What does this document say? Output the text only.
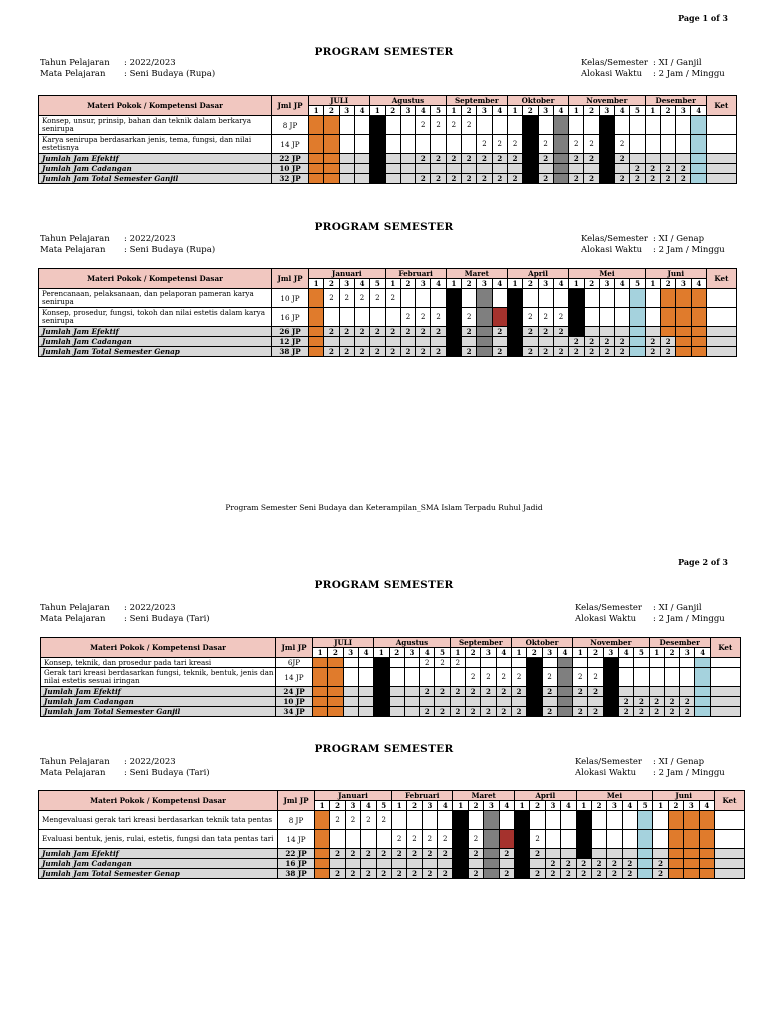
Page 1 of 3
PROGRAM SEMESTER
Tahun Pelajaran : 2022/2023
Mata Pelajaran : Seni Budaya (Rupa)
Kelas/Semester : XI / Ganjil
Alokasi Waktu : 2 Jam / Minggu
Materi Pokok / Kompetensi Dasar	Jml JP	JULI				Agustus					September				Oktober				November					Desember				Ket
		1	2	3	4	1	2	3	4	5	1	2	3	4	1	2	3	4	1	2	3	4	5	1	2	3	4	
Konsep, unsur, prinsip, bahan dan teknik dalam berkarya senirupa	8 JP								2	2	2	2																
Karya senirupa berdasarkan jenis, tema, fungsi, dan nilai estetisnya	14 JP												2	2	2		2		2	2		2						
Jumlah Jam Efektif	22 JP								2	2	2	2	2	2	2		2		2	2		2						
Jumlah Jam Cadangan	10 JP																						2	2	2	2		
Jumlah Jam Total Semester Ganjil	32 JP								2	2	2	2	2	2	2		2		2	2		2	2	2	2	2		
PROGRAM SEMESTER
Tahun Pelajaran : 2022/2023
Mata Pelajaran : Seni Budaya (Rupa)
Kelas/Semester : XI / Genap
Alokasi Waktu : 2 Jam / Minggu
Materi Pokok / Kompetensi Dasar	Jml JP	Januari					Februari				Maret				April				Mei					Juni				Ket
		1	2	3	4	5	1	2	3	4	1	2	3	4	1	2	3	4	1	2	3	4	5	1	2	3	4	
Perencanaan, pelaksanaan, dan pelaporan pameran karya senirupa	10 JP		2	2	2	2	2																					
Konsep, prosedur, fungsi, tokoh dan nilai estetis dalam karya senirupa	16 JP							2	2	2		2				2	2	2										
Jumlah Jam Efektif	26 JP		2	2	2	2	2	2	2	2		2		2		2	2	2										
Jumlah Jam Cadangan	12 JP																		2	2	2	2		2	2			
Jumlah Jam Total Semester Genap	38 JP		2	2	2	2	2	2	2	2		2		2		2	2	2	2	2	2	2		2	2			
Program Semester Seni Budaya dan Keterampilan_SMA Islam Terpadu Ruhul Jadid
Page 2 of 3
PROGRAM SEMESTER
Tahun Pelajaran : 2022/2023
Mata Pelajaran : Seni Budaya (Tari)
Kelas/Semester : XI / Ganjil
Alokasi Waktu : 2 Jam / Minggu
Materi Pokok / Kompetensi Dasar	Jml JP	JULI				Agustus					September				Oktober				November					Desember				Ket
		1	2	3	4	1	2	3	4	5	1	2	3	4	1	2	3	4	1	2	3	4	5	1	2	3	4	
Konsep, teknik, dan prosedur pada tari kreasi	6JP								2	2	2																	
Gerak tari kreasi berdasarkan fungsi, teknik, bentuk, jenis dan nilai estetis sesuai iringan	14 JP											2	2	2	2		2		2	2								
Jumlah Jam Efektif	24 JP								2	2	2	2	2	2	2		2		2	2								
Jumlah Jam Cadangan	10 JP																					2	2	2	2	2		
Jumlah Jam Total Semester Ganjil	34 JP								2	2	2	2	2	2	2		2		2	2		2	2	2	2	2		
PROGRAM SEMESTER
Tahun Pelajaran : 2022/2023
Mata Pelajaran : Seni Budaya (Tari)
Kelas/Semester : XI / Genap
Alokasi Waktu : 2 Jam / Minggu
Materi Pokok / Kompetensi Dasar	Jml JP	Januari					Februari				Maret				April				Mei					Juni				Ket
		1	2	3	4	5	1	2	3	4	1	2	3	4	1	2	3	4	1	2	3	4	5	1	2	3	4	
Mengevaluasi gerak tari kreasi berdasarkan teknik tata pentas	8 JP		2	2	2	2																						
Evaluasi bentuk, jenis, rulai, estetis, fungsi dan tata pentas tari	14 JP						2	2	2	2		2				2												
Jumlah Jam Efektif	22 JP		2	2	2	2	2	2	2	2		2		2		2												
Jumlah Jam Cadangan	16 JP																2	2	2	2	2	2		2				
Jumlah Jam Total Semester Genap	38 JP		2	2	2	2	2	2	2	2		2		2		2	2	2	2	2	2	2		2				
